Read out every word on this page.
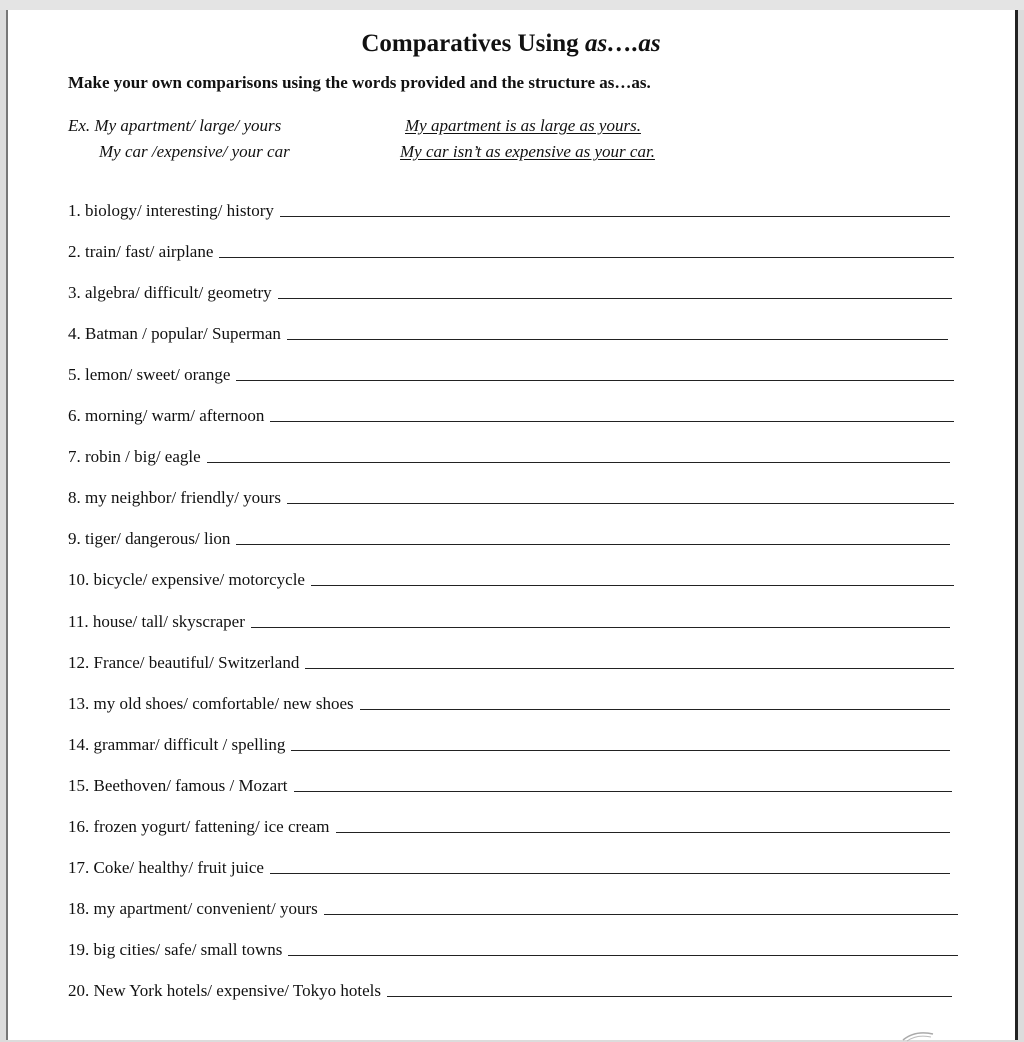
Comparatives Using as….as
Make your own comparisons using the words provided and the structure as…as.
Ex. My apartment/ large/ yours	My apartment is as large as yours.
My car /expensive/ your car	My car isn’t as expensive as your car.
1. biology/ interesting/ history
2. train/ fast/ airplane
3. algebra/ difficult/ geometry
4. Batman / popular/ Superman
5. lemon/ sweet/ orange
6. morning/ warm/ afternoon
7. robin / big/ eagle
8. my neighbor/ friendly/ yours
9. tiger/ dangerous/ lion
10. bicycle/ expensive/ motorcycle
11. house/ tall/ skyscraper
12. France/ beautiful/ Switzerland
13. my old shoes/ comfortable/ new shoes
14. grammar/ difficult / spelling
15. Beethoven/ famous / Mozart
16. frozen yogurt/ fattening/ ice cream
17. Coke/ healthy/ fruit juice
18. my apartment/ convenient/ yours
19. big cities/ safe/ small towns
20. New York hotels/ expensive/ Tokyo hotels
